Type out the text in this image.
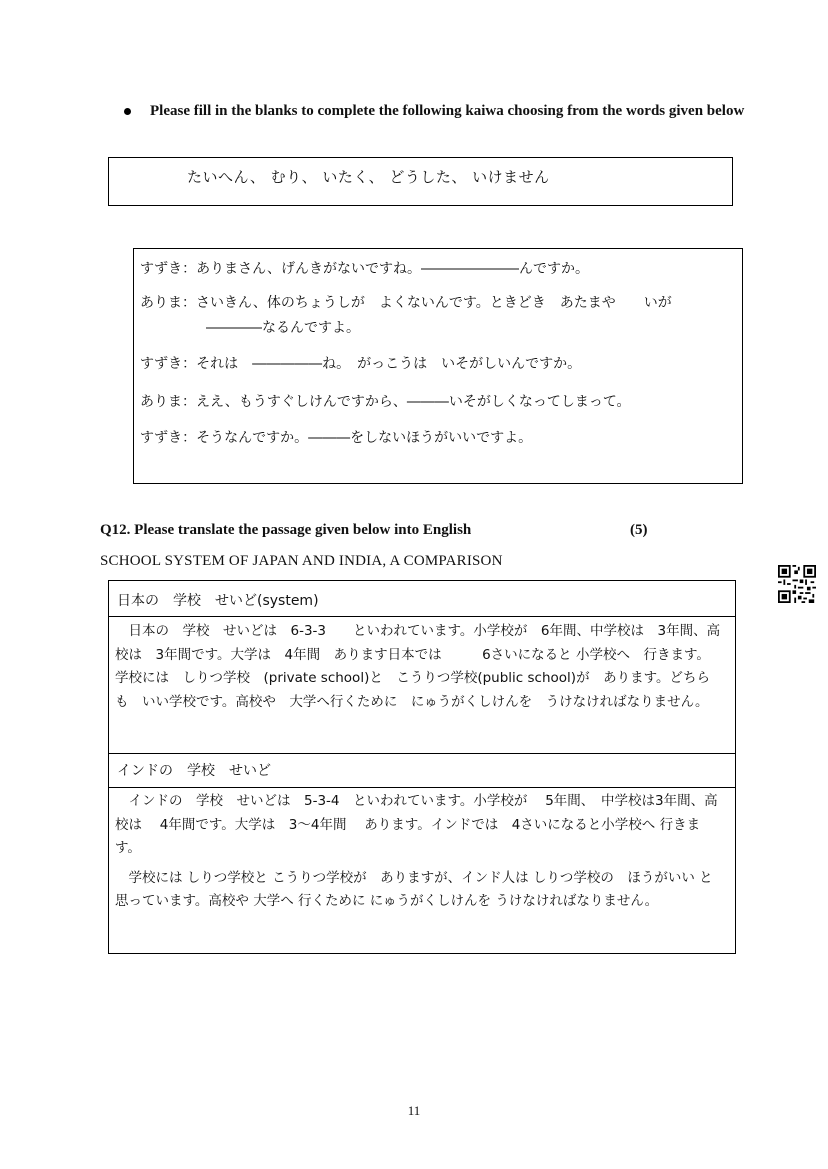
Please fill in the blanks to complete the following kaiwa choosing from the words given below
たいへん、 むり、 いたく、 どうした、 いけません
すずき：ありまさん、げんきがないですね。―――――――んですか。
ありま：さいきん、体のちょうしが　よくないんです。ときどき　あたまや　　いが
――――なるんですよ。
すずき：それは　―――――ね。　がっこうは　いそがしいんですか。
ありま：ええ、もうすぐしけんですから、―――いそがしくなってしまって。
すずき：そうなんですか。―――をしないほうがいいですよ。
Q12. Please translate the passage given below into English	(5)
SCHOOL SYSTEM OF JAPAN AND INDIA, A COMPARISON
日本の　学校　せいど(system)

日本の　学校　せいどは　6-3-3　　といわれています。小学校が　6年間、中学校は　3年間、高校は　3年間です。大学は　4年間　あります日本では　　　6さいになると 小学校へ　行きます。学校には　しりつ学校　(private school)と　こうりつ学校(public school)が　あります。どちらも　いい学校です。高校や　大学へ行くために　にゅうがくしけんを　うけなければなりません。

インドの　学校　せいど

インドの　学校　せいどは　5-3-4　といわれています。小学校が　 5年間、　中学校は3年間、高校は　 4年間です。大学は　3～4年間　 あります。インドでは　4さいになると小学校へ 行きます。

学校には しりつ学校と こうりつ学校が　ありますが、インド人は しりつ学校の　ほうがいい と思っています。高校や 大学へ 行くために にゅうがくしけんを うけなければなりません。

11
